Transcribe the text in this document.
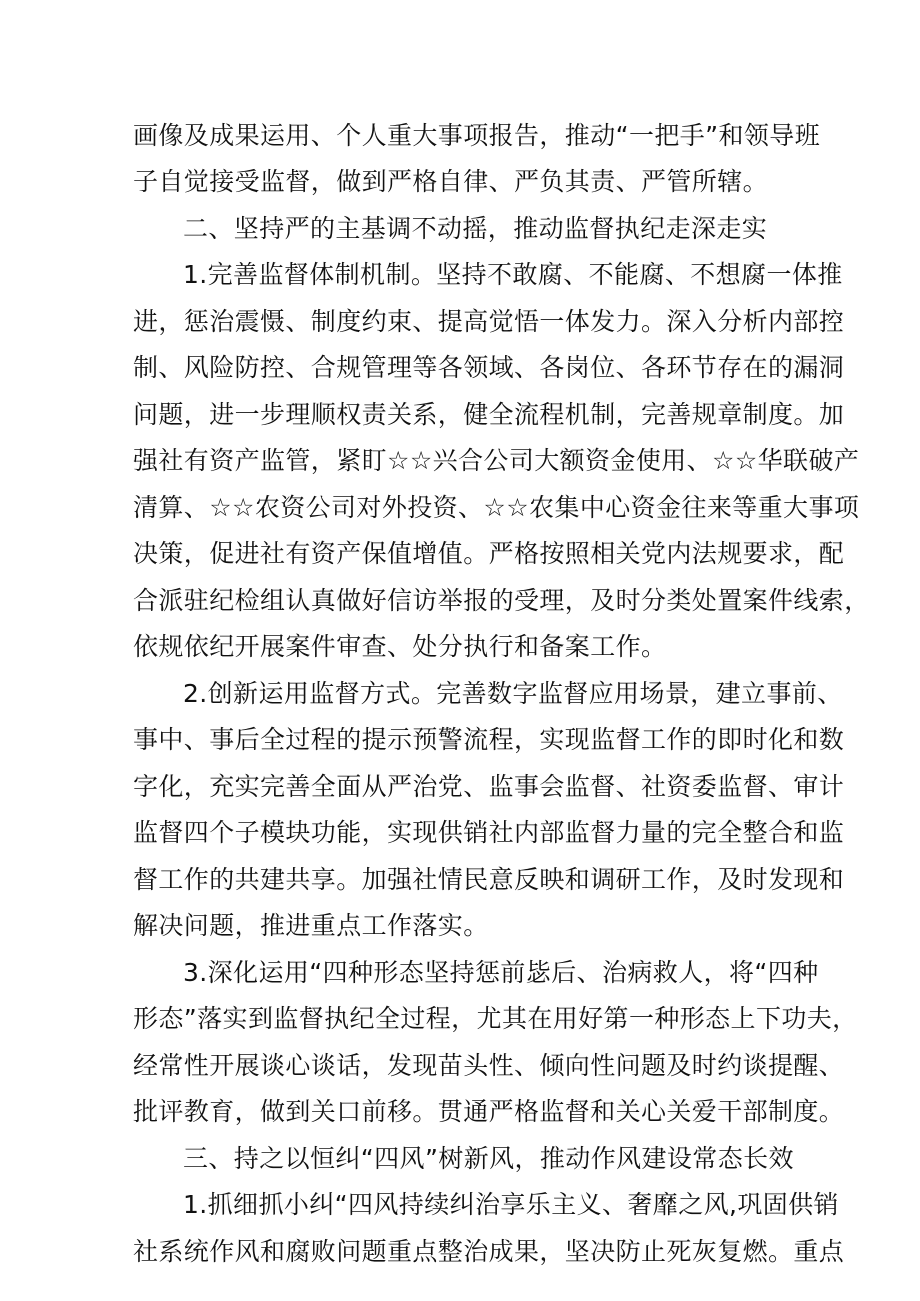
画像及成果运用、个人重大事项报告，推动“一把手”和领导班
子自觉接受监督，做到严格自律、严负其责、严管所辖。
二、坚持严的主基调不动摇，推动监督执纪走深走实
1.完善监督体制机制。坚持不敢腐、不能腐、不想腐一体推
进，惩治震慑、制度约束、提高觉悟一体发力。深入分析内部控
制、风险防控、合规管理等各领域、各岗位、各环节存在的漏洞
问题，进一步理顺权责关系，健全流程机制，完善规章制度。加
强社有资产监管，紧盯☆☆兴合公司大额资金使用、☆☆华联破产
清算、☆☆农资公司对外投资、☆☆农集中心资金往来等重大事项
决策，促进社有资产保值增值。严格按照相关党内法规要求，配
合派驻纪检组认真做好信访举报的受理，及时分类处置案件线索，
依规依纪开展案件审查、处分执行和备案工作。
2.创新运用监督方式。完善数字监督应用场景，建立事前、
事中、事后全过程的提示预警流程，实现监督工作的即时化和数
字化，充实完善全面从严治党、监事会监督、社资委监督、审计
监督四个子模块功能，实现供销社内部监督力量的完全整合和监
督工作的共建共享。加强社情民意反映和调研工作，及时发现和
解决问题，推进重点工作落实。
3.深化运用“四种形态坚持惩前毖后、治病救人，将“四种
形态”落实到监督执纪全过程，尤其在用好第一种形态上下功夫，
经常性开展谈心谈话，发现苗头性、倾向性问题及时约谈提醒、
批评教育，做到关口前移。贯通严格监督和关心关爱干部制度。
三、持之以恒纠“四风”树新风，推动作风建设常态长效
1.抓细抓小纠“四风持续纠治享乐主义、奢靡之风,巩固供销
社系统作风和腐败问题重点整治成果，坚决防止死灰复燃。重点
